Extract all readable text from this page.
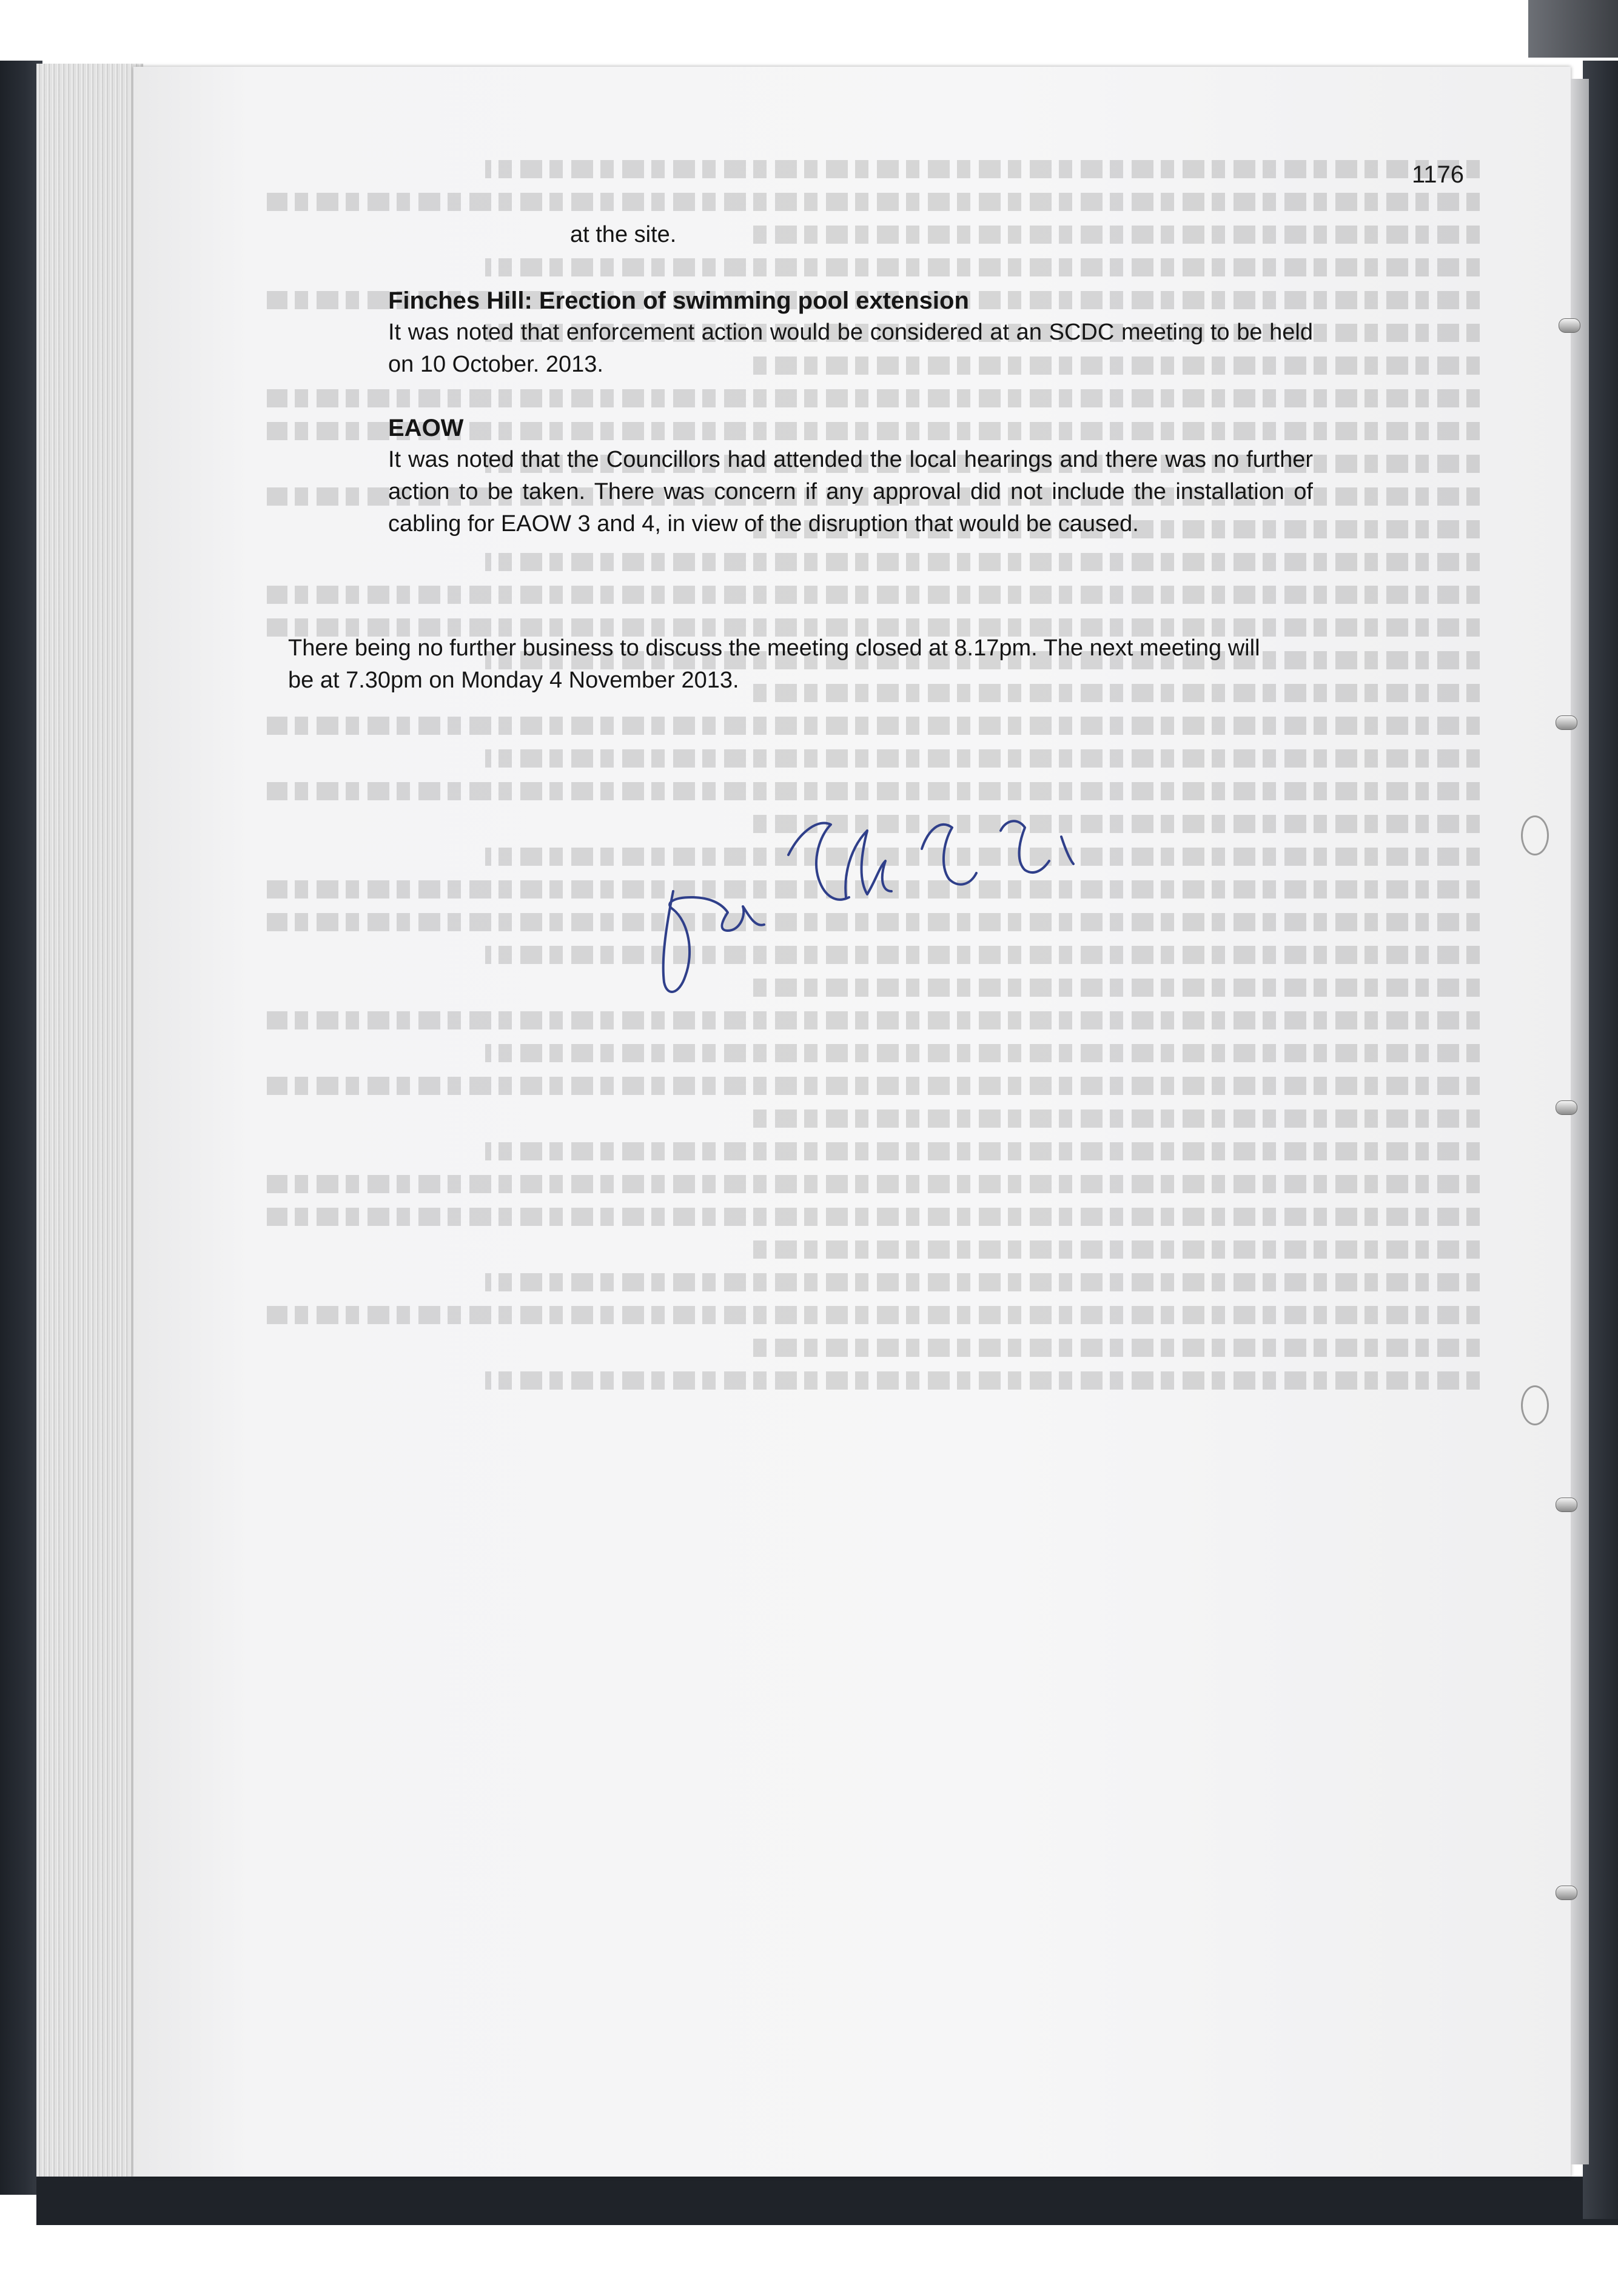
1176
at the site.

Finches Hill: Erection of swimming pool extension

It was noted that enforcement action would be considered at an SCDC meeting to be held on 10 October. 2013.

EAOW

It was noted that the Councillors had attended the local hearings and there was no further action to be taken. There was concern if any approval did not include the installation of cabling for EAOW 3 and 4, in view of the disruption that would be caused.

There being no further business to discuss the meeting closed at 8.17pm. The next meeting will
be at 7.30pm on Monday 4 November 2013.
